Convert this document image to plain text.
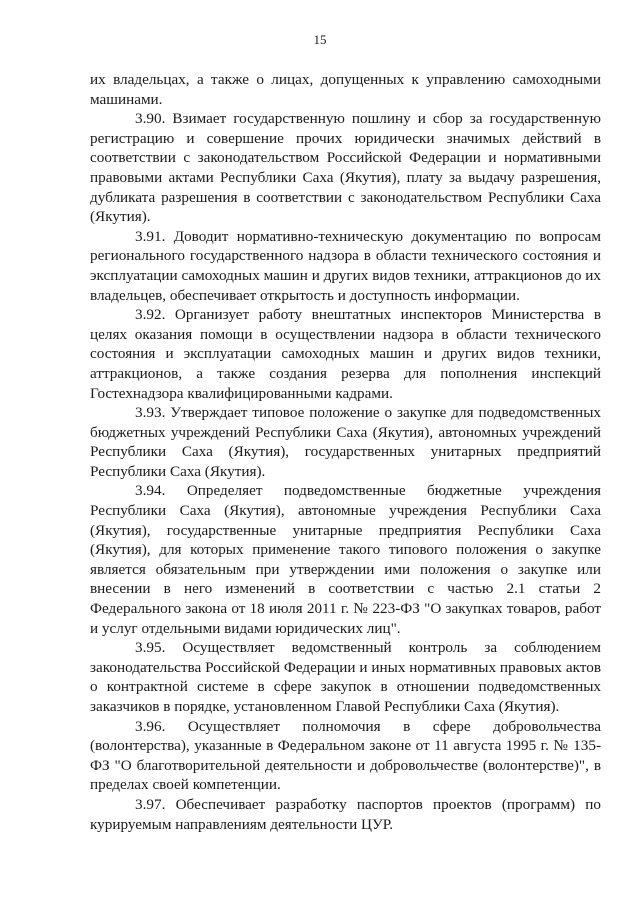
15

их владельцах, а также о лицах, допущенных к управлению самоходными машинами.

3.90. Взимает государственную пошлину и сбор за государственную регистрацию и совершение прочих юридически значимых действий в соответствии с законодательством Российской Федерации и нормативными правовыми актами Республики Саха (Якутия), плату за выдачу разрешения, дубликата разрешения в соответствии с законодательством Республики Саха (Якутия).

3.91. Доводит нормативно-техническую документацию по вопросам регионального государственного надзора в области технического состояния и эксплуатации самоходных машин и других видов техники, аттракционов до их владельцев, обеспечивает открытость и доступность информации.

3.92. Организует работу внештатных инспекторов Министерства в целях оказания помощи в осуществлении надзора в области технического состояния и эксплуатации самоходных машин и других видов техники, аттракционов, а также создания резерва для пополнения инспекций Гостехнадзора квалифицированными кадрами.

3.93. Утверждает типовое положение о закупке для подведомственных бюджетных учреждений Республики Саха (Якутия), автономных учреждений Республики Саха (Якутия), государственных унитарных предприятий Республики Саха (Якутия).

3.94. Определяет подведомственные бюджетные учреждения Республики Саха (Якутия), автономные учреждения Республики Саха (Якутия), государственные унитарные предприятия Республики Саха (Якутия), для которых применение такого типового положения о закупке является обязательным при утверждении ими положения о закупке или внесении в него изменений в соответствии с частью 2.1 статьи 2 Федерального закона от 18 июля 2011 г. № 223-ФЗ "О закупках товаров, работ и услуг отдельными видами юридических лиц".

3.95. Осуществляет ведомственный контроль за соблюдением законодательства Российской Федерации и иных нормативных правовых актов о контрактной системе в сфере закупок в отношении подведомственных заказчиков в порядке, установленном Главой Республики Саха (Якутия).

3.96. Осуществляет полномочия в сфере добровольчества (волонтерства), указанные в Федеральном законе от 11 августа 1995 г. № 135-ФЗ "О благотворительной деятельности и добровольчестве (волонтерстве)", в пределах своей компетенции.

3.97. Обеспечивает разработку паспортов проектов (программ) по курируемым направлениям деятельности ЦУР.
